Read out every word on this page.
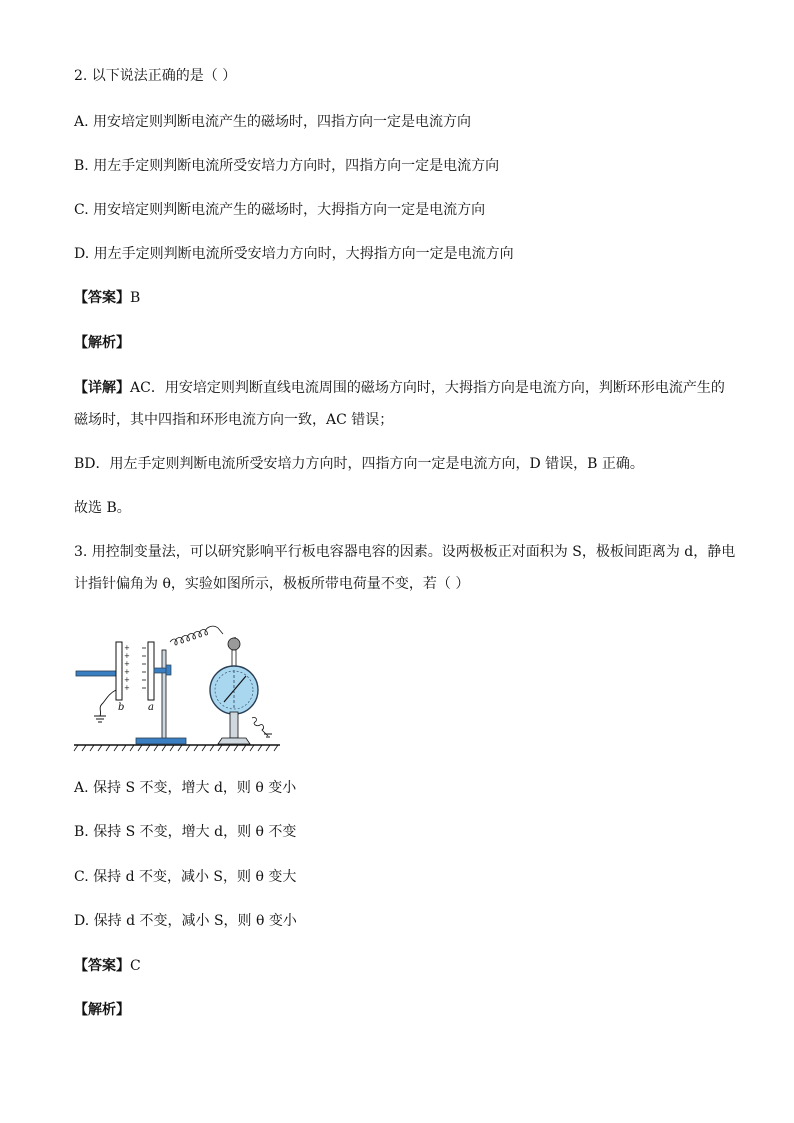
2. 以下说法正确的是（ ）
A. 用安培定则判断电流产生的磁场时，四指方向一定是电流方向
B. 用左手定则判断电流所受安培力方向时，四指方向一定是电流方向
C. 用安培定则判断电流产生的磁场时，大拇指方向一定是电流方向
D. 用左手定则判断电流所受安培力方向时，大拇指方向一定是电流方向
【答案】B
【解析】
【详解】AC．用安培定则判断直线电流周围的磁场方向时，大拇指方向是电流方向，判断环形电流产生的
磁场时，其中四指和环形电流方向一致，AC 错误；
BD．用左手定则判断电流所受安培力方向时，四指方向一定是电流方向，D 错误，B 正确。
故选 B。
3. 用控制变量法，可以研究影响平行板电容器电容的因素。设两极板正对面积为 S，极板间距离为 d，静电
计指针偏角为 θ，实验如图所示，极板所带电荷量不变，若（ ）
+
+
+
+
+
+
b a
A. 保持 S 不变，增大 d，则 θ 变小
B. 保持 S 不变，增大 d，则 θ 不变
C. 保持 d 不变，减小 S，则 θ 变大
D. 保持 d 不变，减小 S，则 θ 变小
【答案】C
【解析】
